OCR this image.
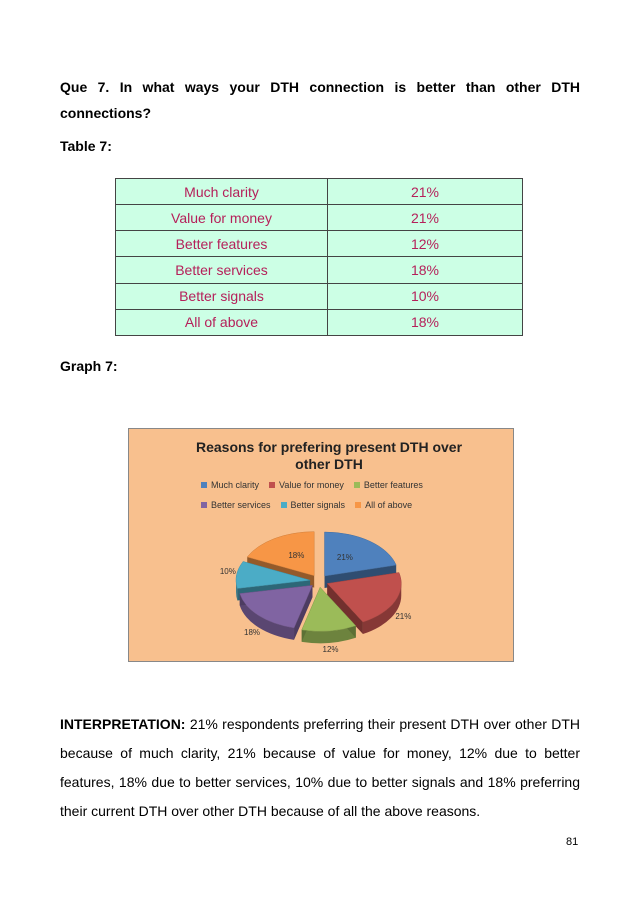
Que 7. In what ways your DTH connection is better than other DTH
connections?
Table 7:
Much clarity	21%
Value for money	21%
Better features	12%
Better services	18%
Better signals	10%
All of above	18%
Graph 7:
21%
21%
12%
18%
10%
18%
Reasons for prefering present DTH over
other DTH
Much clarity Value for money Better features
Better services Better signals All of above
INTERPRETATION: 21% respondents preferring their present DTH over other DTH because of much clarity, 21% because of value for money, 12% due to better features, 18% due to better services, 10% due to better signals and 18% preferring their current DTH over other DTH because of all the above reasons.
81
